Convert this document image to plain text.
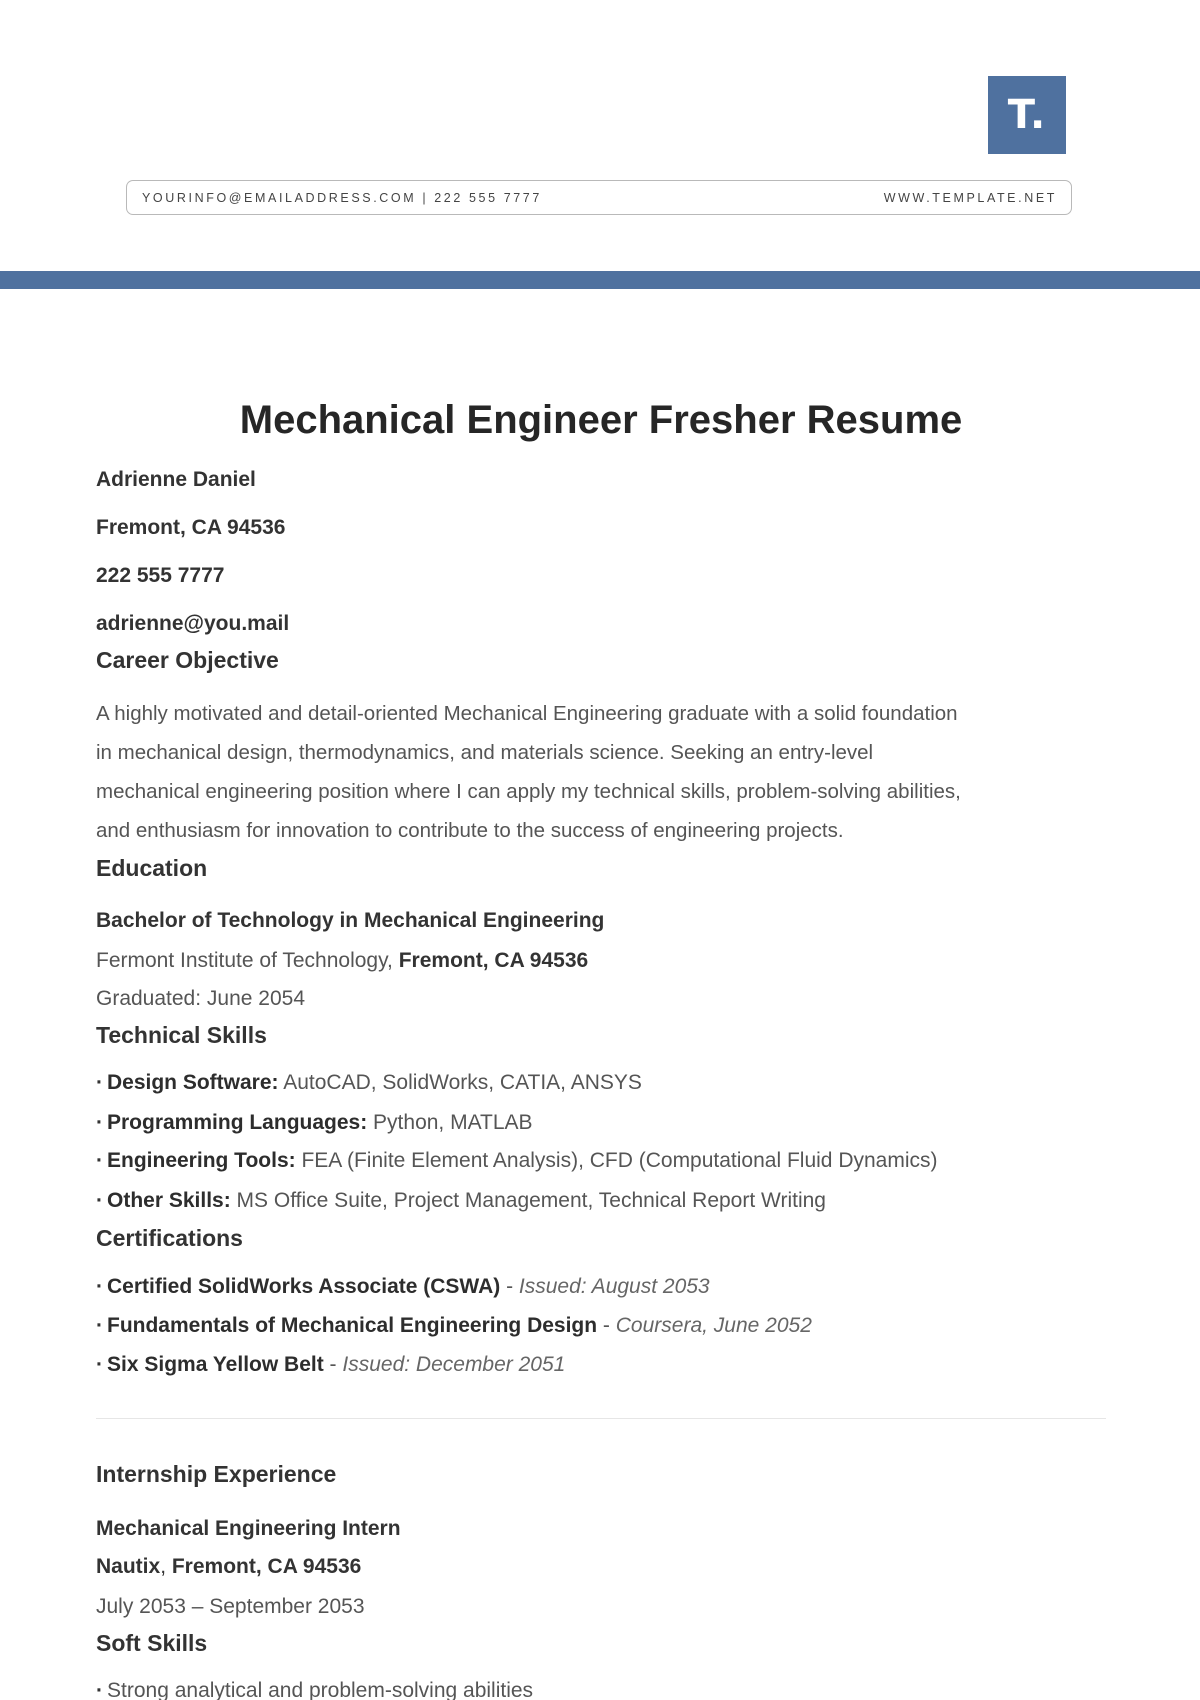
T.
YOURINFO@EMAILADDRESS.COM | 222 555 7777	WWW.TEMPLATE.NET
Mechanical Engineer Fresher Resume
Adrienne Daniel
Fremont, CA 94536
222 555 7777
adrienne@you.mail
Career Objective
A highly motivated and detail-oriented Mechanical Engineering graduate with a solid foundation
in mechanical design, thermodynamics, and materials science. Seeking an entry-level
mechanical engineering position where I can apply my technical skills, problem-solving abilities,
and enthusiasm for innovation to contribute to the success of engineering projects.
Education
Bachelor of Technology in Mechanical Engineering
Fermont Institute of Technology, Fremont, CA 94536
Graduated: June 2054
Technical Skills
· Design Software: AutoCAD, SolidWorks, CATIA, ANSYS
· Programming Languages: Python, MATLAB
· Engineering Tools: FEA (Finite Element Analysis), CFD (Computational Fluid Dynamics)
· Other Skills: MS Office Suite, Project Management, Technical Report Writing
Certifications
· Certified SolidWorks Associate (CSWA) - Issued: August 2053
· Fundamentals of Mechanical Engineering Design - Coursera, June 2052
· Six Sigma Yellow Belt - Issued: December 2051
Internship Experience
Mechanical Engineering Intern
Nautix, Fremont, CA 94536
July 2053 – September 2053
Soft Skills
· Strong analytical and problem-solving abilities
